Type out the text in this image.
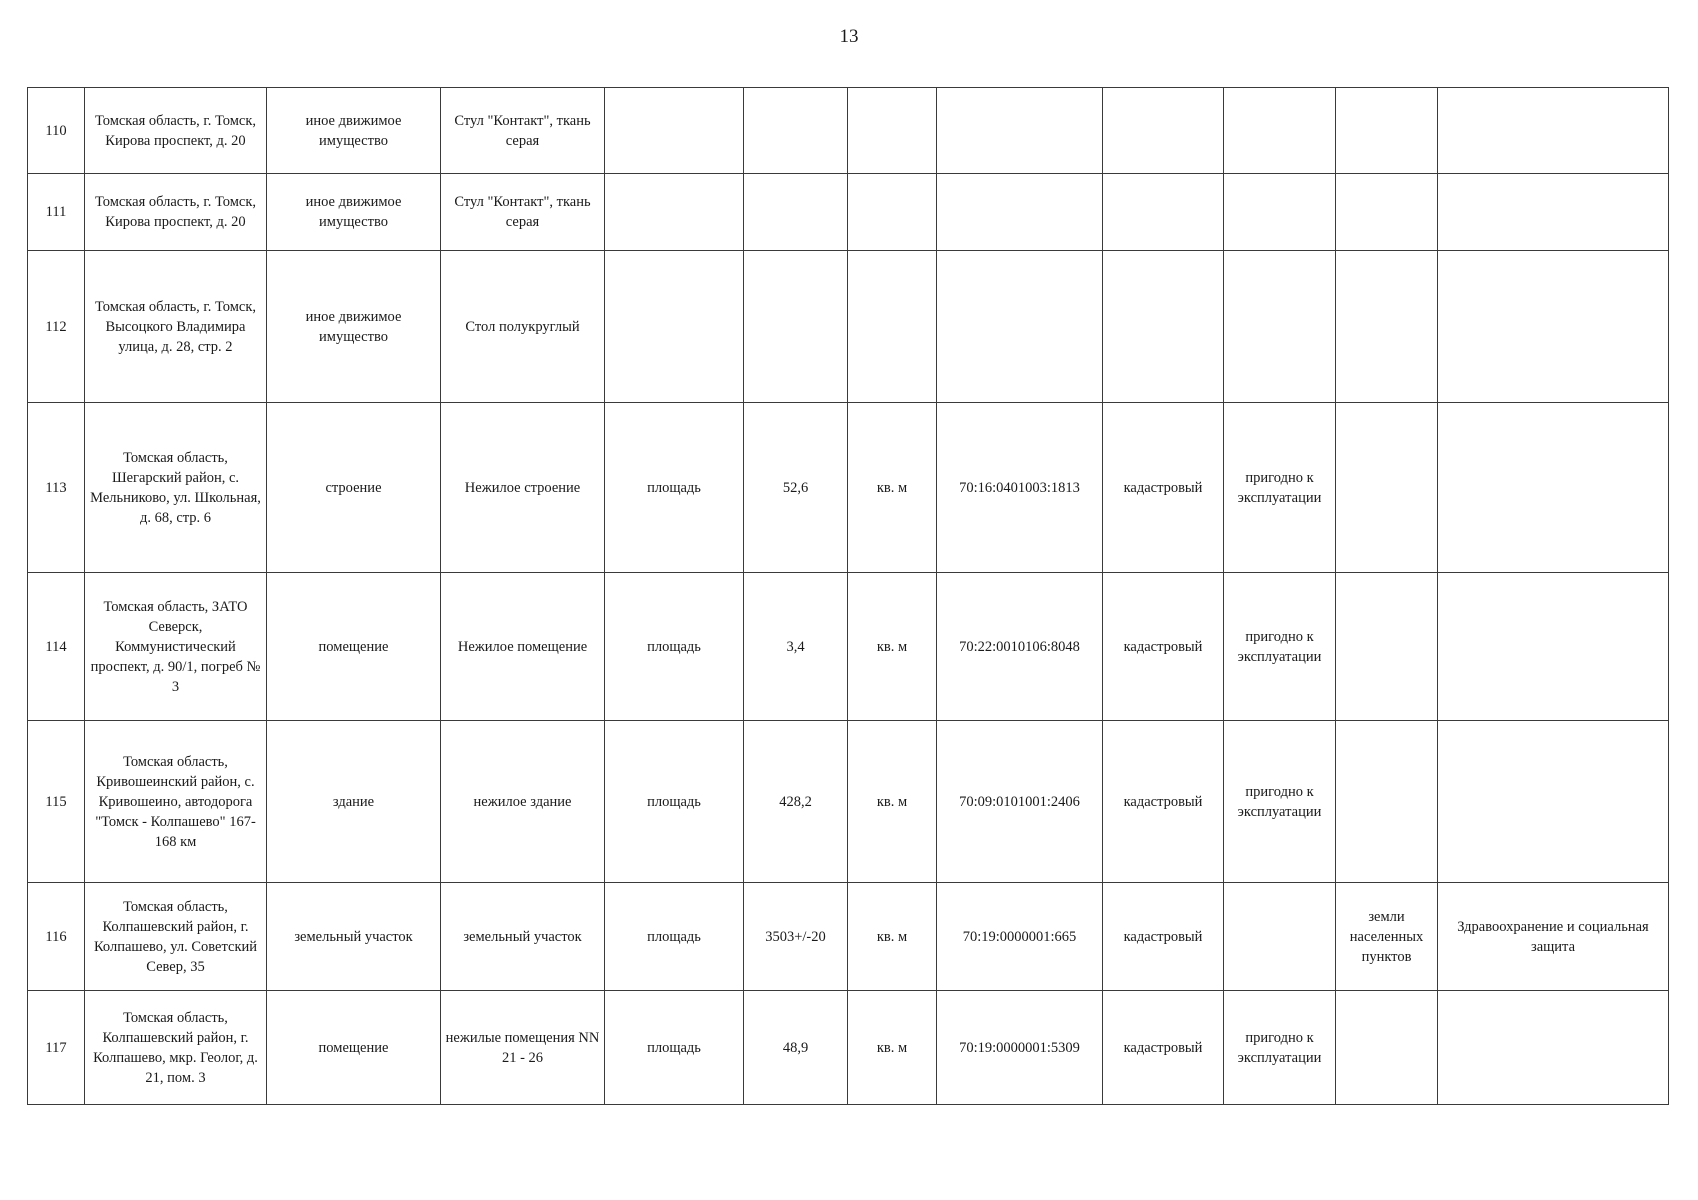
13
110	Томская область, г. Томск, Кирова проспект, д. 20	иное движимое имущество	Стул "Контакт", ткань серая								
111	Томская область, г. Томск, Кирова проспект, д. 20	иное движимое имущество	Стул "Контакт", ткань серая								
112	Томская область, г. Томск, Высоцкого Владимира улица, д. 28, стр. 2	иное движимое имущество	Стол полукруглый								
113	Томская область, Шегарский район, с. Мельниково, ул. Школьная, д. 68, стр. 6	строение	Нежилое строение	площадь	52,6	кв. м	70:16:0401003:1813	кадастровый	пригодно к эксплуатации		
114	Томская область, ЗАТО Северск, Коммунистический проспект, д. 90/1, погреб № 3	помещение	Нежилое помещение	площадь	3,4	кв. м	70:22:0010106:8048	кадастровый	пригодно к эксплуатации		
115	Томская область, Кривошеинский район, с. Кривошеино, автодорога "Томск - Колпашево" 167-168 км	здание	нежилое здание	площадь	428,2	кв. м	70:09:0101001:2406	кадастровый	пригодно к эксплуатации		
116	Томская область, Колпашевский район, г. Колпашево, ул. Советский Север, 35	земельный участок	земельный участок	площадь	3503+/-20	кв. м	70:19:0000001:665	кадастровый		земли населенных пунктов	Здравоохранение и социальная защита
117	Томская область, Колпашевский район, г. Колпашево, мкр. Геолог, д. 21, пом. 3	помещение	нежилые помещения NN 21 - 26	площадь	48,9	кв. м	70:19:0000001:5309	кадастровый	пригодно к эксплуатации		
